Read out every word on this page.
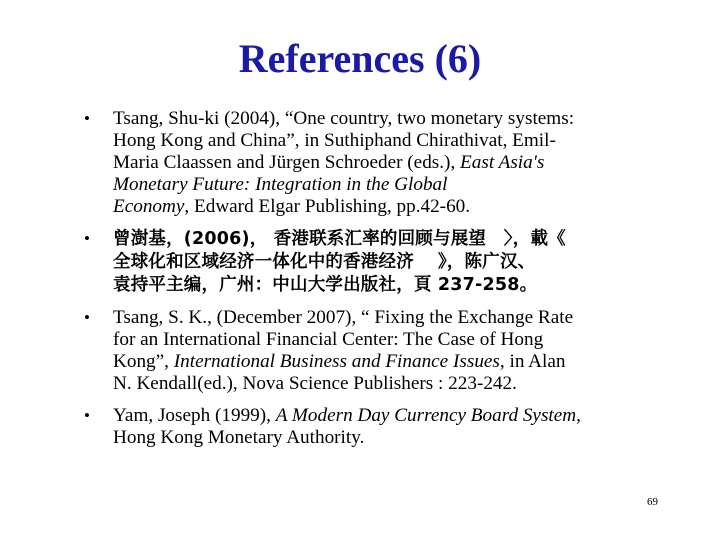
References (6)
•	Tsang, Shu-ki (2004), “One country, two monetary systems:
Hong Kong and China”, in Suthiphand Chirathivat, Emil-
Maria Claassen and Jürgen Schroeder (eds.), East Asia's
Monetary Future: Integration in the Global
Economy, Edward Elgar Publishing, pp.42-60.
•	曾澍基，(2006)， 香港联系汇率的回顾与展望　〉，載《
全球化和区域经济一体化中的香港经济　 》，陈广汉、
袁持平主编，广州：中山大学出版社，頁 237-258。
•	Tsang, S. K., (December 2007), “ Fixing the Exchange Rate
for an International Financial Center: The Case of Hong
Kong”, International Business and Finance Issues, in Alan
N. Kendall(ed.), Nova Science Publishers : 223-242.
•	Yam, Joseph (1999), A Modern Day Currency Board System,
Hong Kong Monetary Authority.
69
